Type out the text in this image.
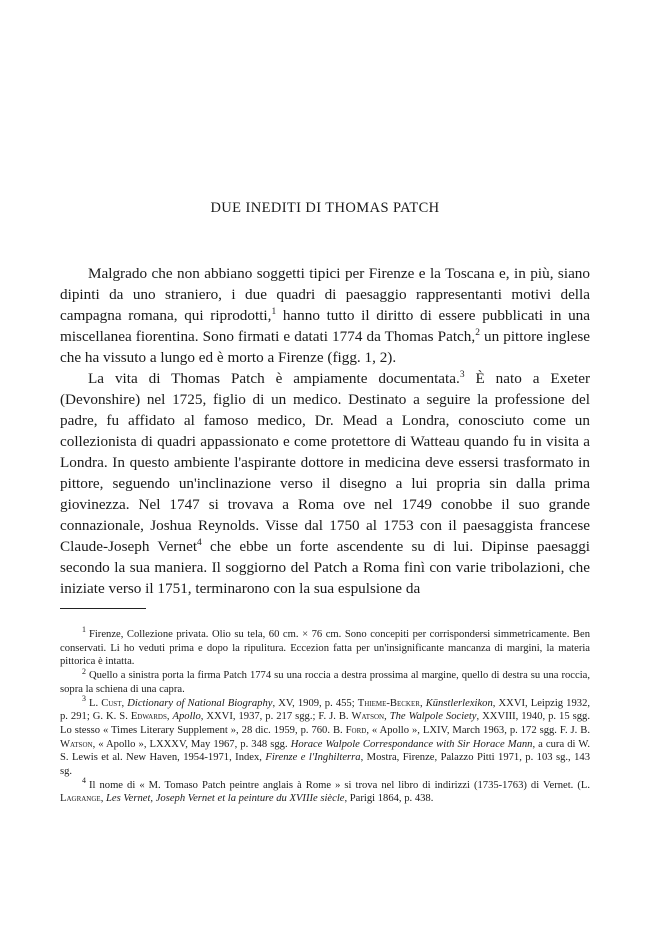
DUE INEDITI DI THOMAS PATCH

Malgrado che non abbiano soggetti tipici per Firenze e la Toscana e, in più, siano dipinti da uno straniero, i due quadri di paesaggio rappresentanti motivi della campagna romana, qui riprodotti,$^1$ hanno tutto il diritto di essere pubblicati in una miscellanea fiorentina. Sono firmati e datati 1774 da Thomas Patch,$^2$ un pittore inglese che ha vissuto a lungo ed è morto a Firenze (figg. 1, 2).

La vita di Thomas Patch è ampiamente documentata.$^3$ È nato a Exeter (Devonshire) nel 1725, figlio di un medico. Destinato a seguire la professione del padre, fu affidato al famoso medico, Dr. Mead a Londra, conosciuto come un collezionista di quadri appassionato e come protettore di Watteau quando fu in visita a Londra. In questo ambiente l'aspirante dottore in medicina deve essersi trasformato in pittore, seguendo un'inclinazione verso il disegno a lui propria sin dalla prima giovinezza. Nel 1747 si trovava a Roma ove nel 1749 conobbe il suo grande connazionale, Joshua Reynolds. Visse dal 1750 al 1753 con il paesaggista francese Claude-Joseph Vernet$^4$ che ebbe un forte ascendente su di lui. Dipinse paesaggi secondo la sua maniera. Il soggiorno del Patch a Roma finì con varie tribolazioni, che iniziate verso il 1751, terminarono con la sua espulsione da

$^1$ Firenze, Collezione privata. Olio su tela, 60 cm. × 76 cm. Sono concepiti per corrispondersi simmetricamente. Ben conservati. Li ho veduti prima e dopo la ripulitura. Eccezion fatta per un'insignificante mancanza di margini, la materia pittorica è intatta.

$^2$ Quello a sinistra porta la firma Patch 1774 su una roccia a destra prossima al margine, quello di destra su una roccia, sopra la schiena di una capra.

$^3$ L. Cust, Dictionary of National Biography, XV, 1909, p. 455; Thieme-Becker, Künstlerlexikon, XXVI, Leipzig 1932, p. 291; G. K. S. Edwards, Apollo, XXVI, 1937, p. 217 sgg.; F. J. B. Watson, The Walpole Society, XXVIII, 1940, p. 15 sgg. Lo stesso « Times Literary Supplement », 28 dic. 1959, p. 760. B. Ford, « Apollo », LXIV, March 1963, p. 172 sgg. F. J. B. Watson, « Apollo », LXXXV, May 1967, p. 348 sgg. Horace Walpole Correspondance with Sir Horace Mann, a cura di W. S. Lewis et al. New Haven, 1954-1971, Index, Firenze e l'Inghilterra, Mostra, Firenze, Palazzo Pitti 1971, p. 103 sg., 143 sg.

$^4$ Il nome di « M. Tomaso Patch peintre anglais à Rome » si trova nel libro di indirizzi (1735-1763) di Vernet. (L. Lagrange, Les Vernet, Joseph Vernet et la peinture du XVIIIe siècle, Parigi 1864, p. 438.
